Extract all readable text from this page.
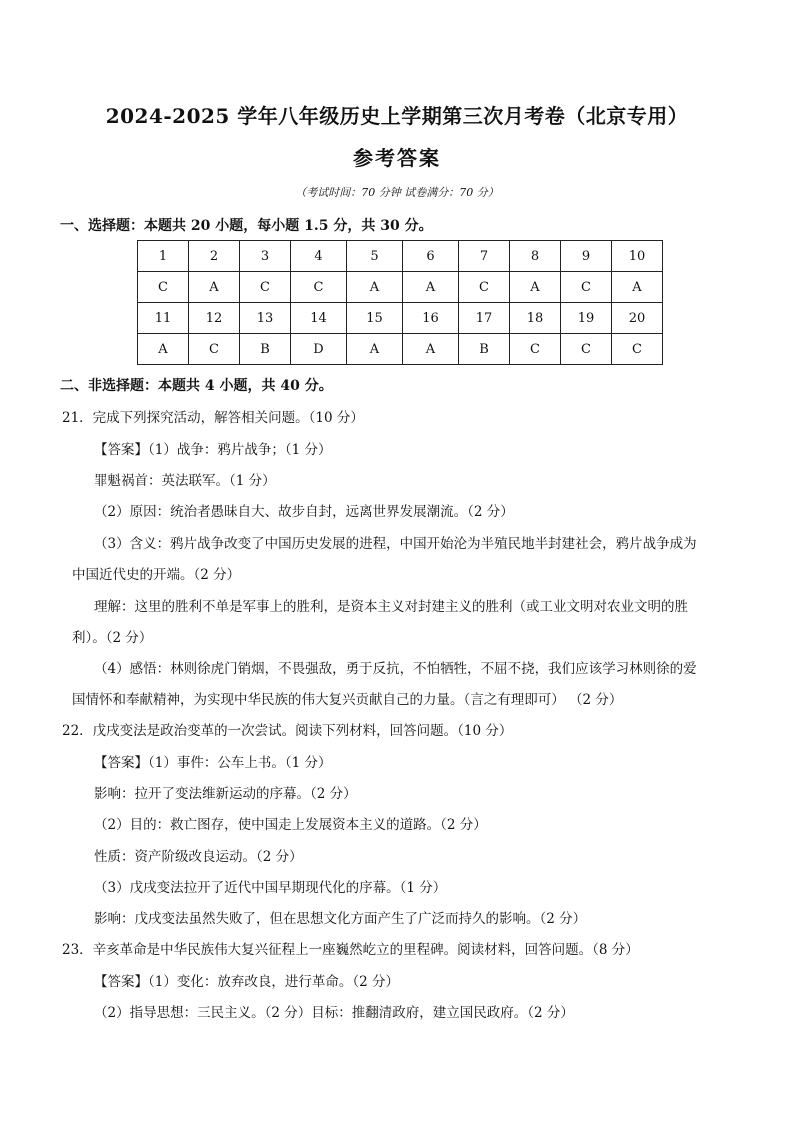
2024-2025 学年八年级历史上学期第三次月考卷（北京专用）
参考答案
（考试时间：70 分钟 试卷满分：70 分）
一、选择题：本题共 20 小题，每小题 1.5 分，共 30 分。
1	2	3	4	5	6	7	8	9	10
C	A	C	C	A	A	C	A	C	A
11	12	13	14	15	16	17	18	19	20
A	C	B	D	A	A	B	C	C	C
二、非选择题：本题共 4 小题，共 40 分。
21．完成下列探究活动，解答相关问题。（10 分）
【答案】（1）战争：鸦片战争；（1 分）
罪魁祸首：英法联军。（1 分）
（2）原因：统治者愚昧自大、故步自封，远离世界发展潮流。（2 分）
（3）含义：鸦片战争改变了中国历史发展的进程，中国开始沦为半殖民地半封建社会，鸦片战争成为
中国近代史的开端。（2 分）
理解：这里的胜利不单是军事上的胜利，是资本主义对封建主义的胜利（或工业文明对农业文明的胜
利）。（2 分）
（4）感悟：林则徐虎门销烟，不畏强敌，勇于反抗，不怕牺牲，不屈不挠，我们应该学习林则徐的爱
国情怀和奉献精神，为实现中华民族的伟大复兴贡献自己的力量。（言之有理即可） （2 分）
22．戊戌变法是政治变革的一次尝试。阅读下列材料，回答问题。（10 分）
【答案】（1）事件：公车上书。（1 分）
影响：拉开了变法维新运动的序幕。（2 分）
（2）目的：救亡图存，使中国走上发展资本主义的道路。（2 分）
性质：资产阶级改良运动。（2 分）
（3）戊戌变法拉开了近代中国早期现代化的序幕。（1 分）
影响：戊戌变法虽然失败了，但在思想文化方面产生了广泛而持久的影响。（2 分）
23．辛亥革命是中华民族伟大复兴征程上一座巍然屹立的里程碑。阅读材料，回答问题。（8 分）
【答案】（1）变化：放弃改良，进行革命。（2 分）
（2）指导思想：三民主义。（2 分）目标：推翻清政府，建立国民政府。（2 分）
